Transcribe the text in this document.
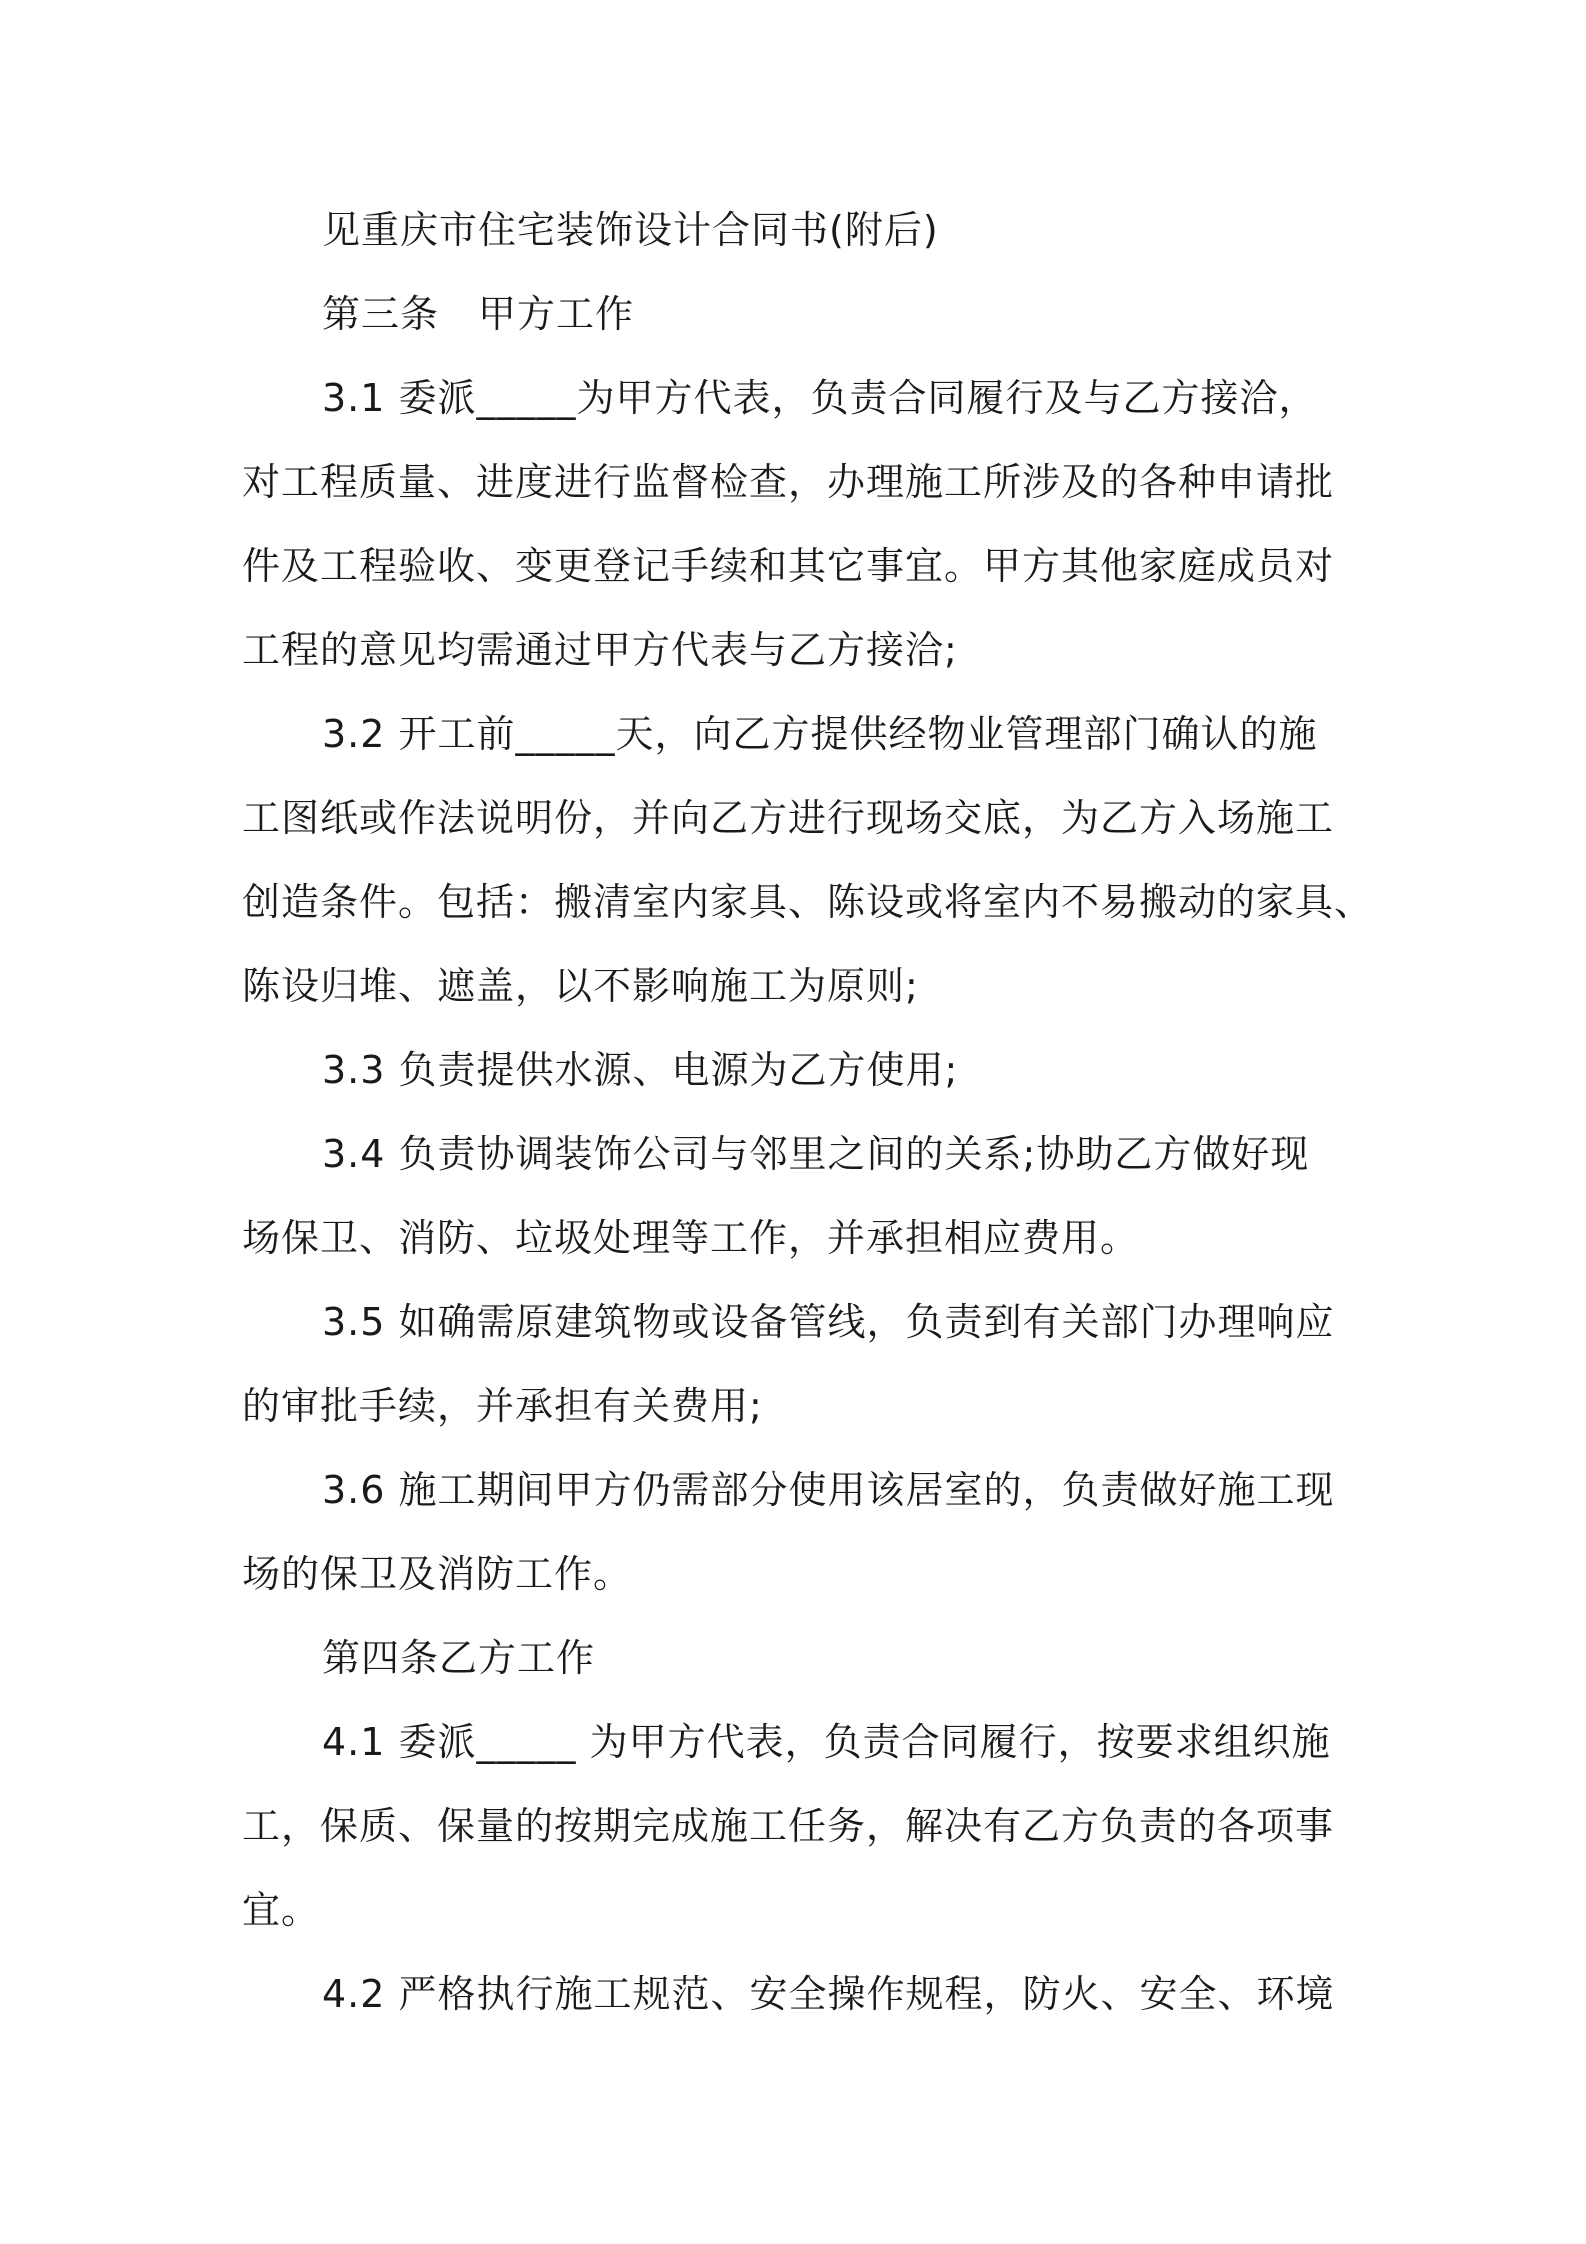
见重庆市住宅装饰设计合同书(附后)
第三条　甲方工作
3.1 委派_____为甲方代表，负责合同履行及与乙方接洽，
对工程质量、进度进行监督检查，办理施工所涉及的各种申请批
件及工程验收、变更登记手续和其它事宜。甲方其他家庭成员对
工程的意见均需通过甲方代表与乙方接洽;
3.2 开工前_____天，向乙方提供经物业管理部门确认的施
工图纸或作法说明份，并向乙方进行现场交底，为乙方入场施工
创造条件。包括：搬清室内家具、陈设或将室内不易搬动的家具、
陈设归堆、遮盖，以不影响施工为原则;
3.3 负责提供水源、电源为乙方使用;
3.4 负责协调装饰公司与邻里之间的关系;协助乙方做好现
场保卫、消防、垃圾处理等工作，并承担相应费用。
3.5 如确需原建筑物或设备管线，负责到有关部门办理响应
的审批手续，并承担有关费用;
3.6 施工期间甲方仍需部分使用该居室的，负责做好施工现
场的保卫及消防工作。
第四条乙方工作
4.1 委派_____ 为甲方代表，负责合同履行，按要求组织施
工，保质、保量的按期完成施工任务，解决有乙方负责的各项事
宜。
4.2 严格执行施工规范、安全操作规程，防火、安全、环境
